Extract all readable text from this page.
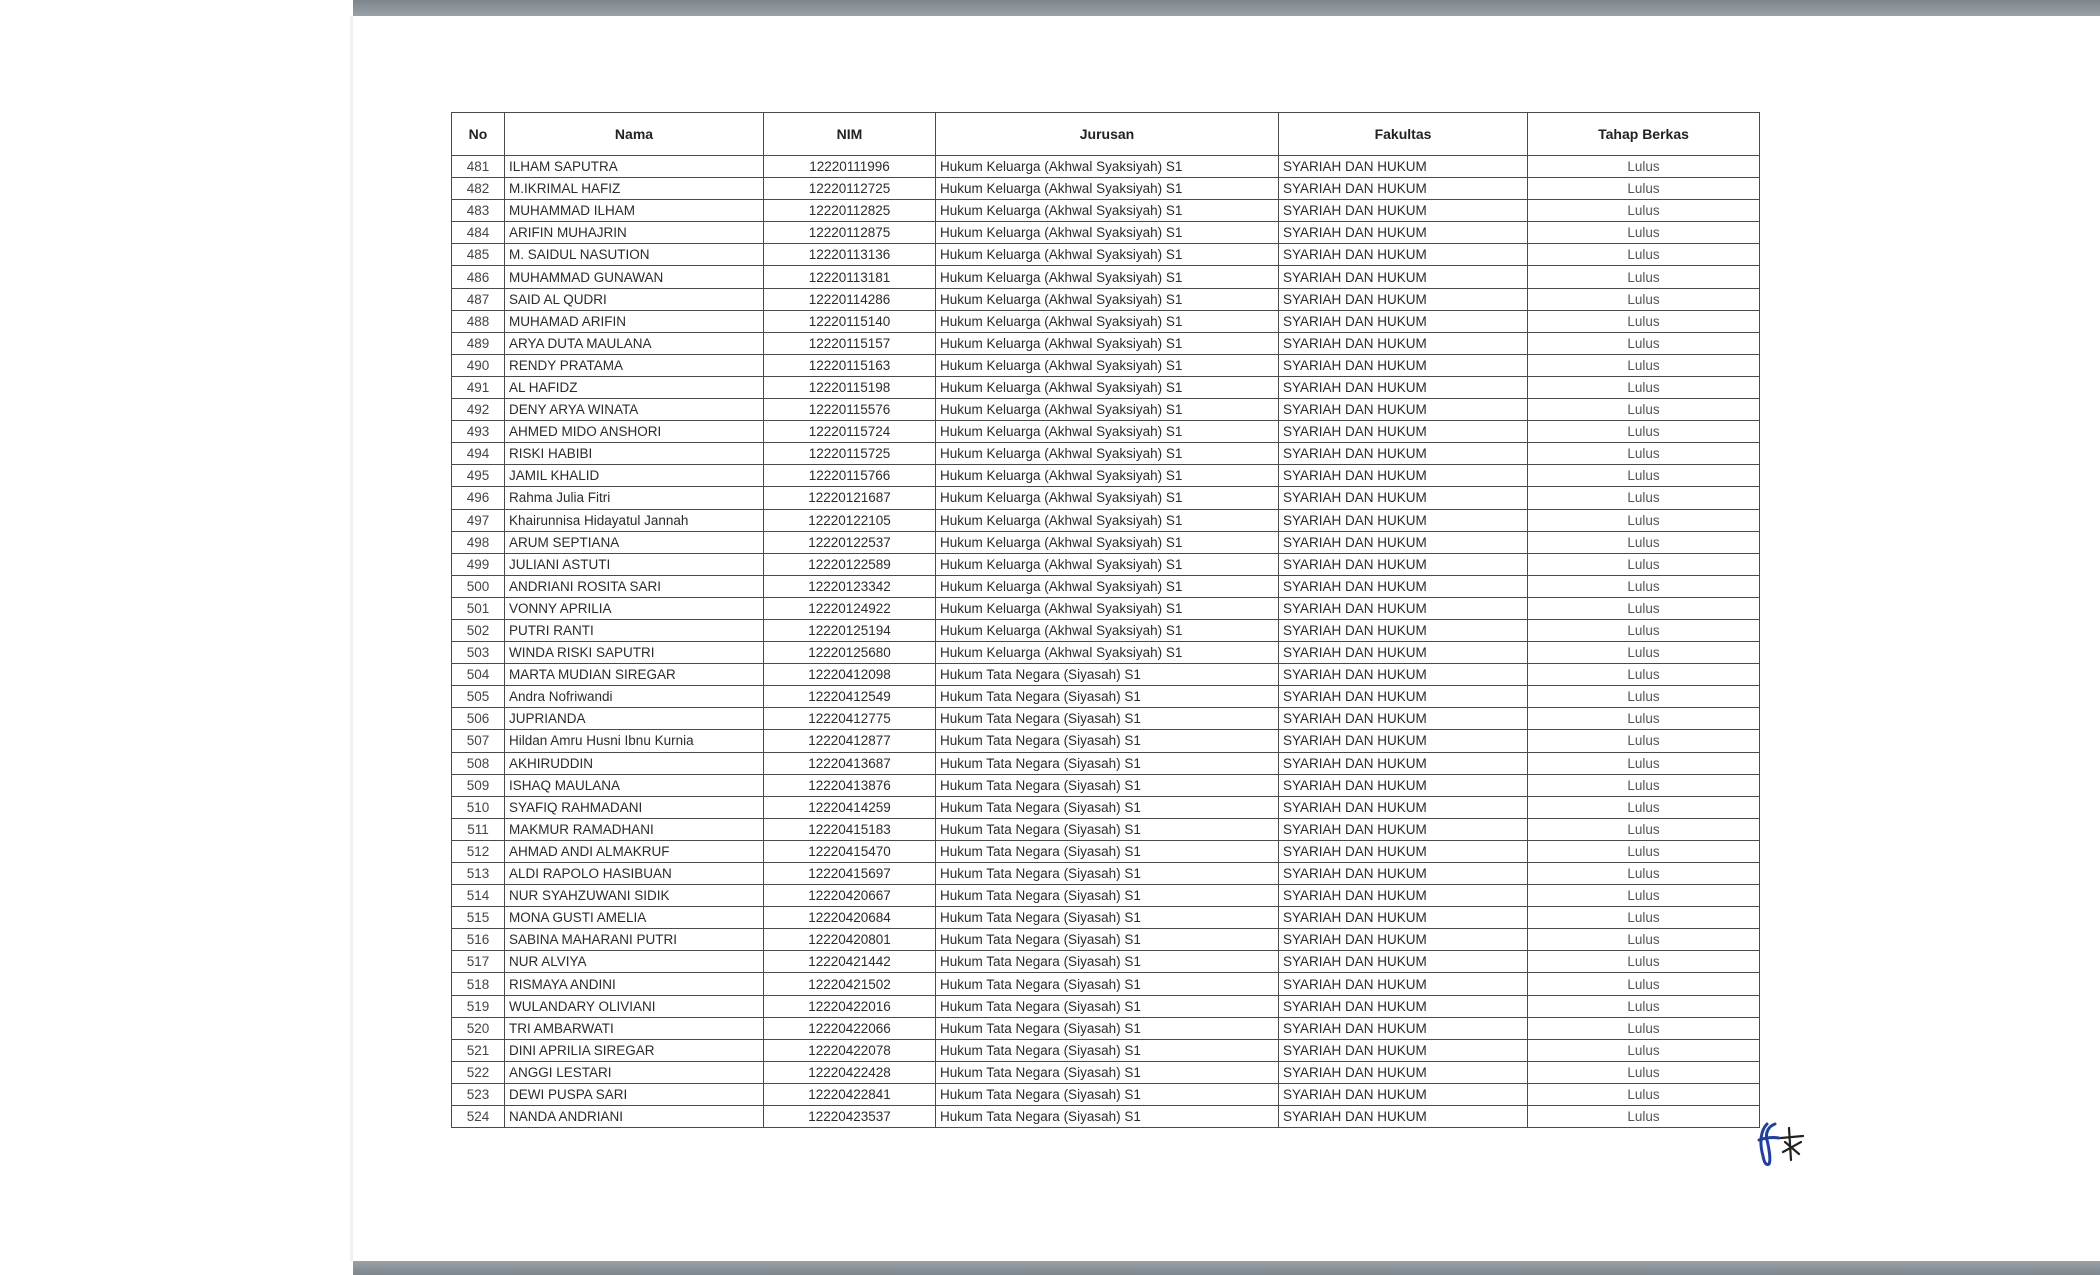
No	Nama	NIM	Jurusan	Fakultas	Tahap Berkas
481	ILHAM SAPUTRA	12220111996	Hukum Keluarga (Akhwal Syaksiyah) S1	SYARIAH DAN HUKUM	Lulus
482	M.IKRIMAL HAFIZ	12220112725	Hukum Keluarga (Akhwal Syaksiyah) S1	SYARIAH DAN HUKUM	Lulus
483	MUHAMMAD ILHAM	12220112825	Hukum Keluarga (Akhwal Syaksiyah) S1	SYARIAH DAN HUKUM	Lulus
484	ARIFIN MUHAJRIN	12220112875	Hukum Keluarga (Akhwal Syaksiyah) S1	SYARIAH DAN HUKUM	Lulus
485	M. SAIDUL NASUTION	12220113136	Hukum Keluarga (Akhwal Syaksiyah) S1	SYARIAH DAN HUKUM	Lulus
486	MUHAMMAD GUNAWAN	12220113181	Hukum Keluarga (Akhwal Syaksiyah) S1	SYARIAH DAN HUKUM	Lulus
487	SAID AL QUDRI	12220114286	Hukum Keluarga (Akhwal Syaksiyah) S1	SYARIAH DAN HUKUM	Lulus
488	MUHAMAD ARIFIN	12220115140	Hukum Keluarga (Akhwal Syaksiyah) S1	SYARIAH DAN HUKUM	Lulus
489	ARYA DUTA MAULANA	12220115157	Hukum Keluarga (Akhwal Syaksiyah) S1	SYARIAH DAN HUKUM	Lulus
490	RENDY PRATAMA	12220115163	Hukum Keluarga (Akhwal Syaksiyah) S1	SYARIAH DAN HUKUM	Lulus
491	AL HAFIDZ	12220115198	Hukum Keluarga (Akhwal Syaksiyah) S1	SYARIAH DAN HUKUM	Lulus
492	DENY ARYA WINATA	12220115576	Hukum Keluarga (Akhwal Syaksiyah) S1	SYARIAH DAN HUKUM	Lulus
493	AHMED MIDO ANSHORI	12220115724	Hukum Keluarga (Akhwal Syaksiyah) S1	SYARIAH DAN HUKUM	Lulus
494	RISKI HABIBI	12220115725	Hukum Keluarga (Akhwal Syaksiyah) S1	SYARIAH DAN HUKUM	Lulus
495	JAMIL KHALID	12220115766	Hukum Keluarga (Akhwal Syaksiyah) S1	SYARIAH DAN HUKUM	Lulus
496	Rahma Julia Fitri	12220121687	Hukum Keluarga (Akhwal Syaksiyah) S1	SYARIAH DAN HUKUM	Lulus
497	Khairunnisa Hidayatul Jannah	12220122105	Hukum Keluarga (Akhwal Syaksiyah) S1	SYARIAH DAN HUKUM	Lulus
498	ARUM SEPTIANA	12220122537	Hukum Keluarga (Akhwal Syaksiyah) S1	SYARIAH DAN HUKUM	Lulus
499	JULIANI ASTUTI	12220122589	Hukum Keluarga (Akhwal Syaksiyah) S1	SYARIAH DAN HUKUM	Lulus
500	ANDRIANI ROSITA SARI	12220123342	Hukum Keluarga (Akhwal Syaksiyah) S1	SYARIAH DAN HUKUM	Lulus
501	VONNY APRILIA	12220124922	Hukum Keluarga (Akhwal Syaksiyah) S1	SYARIAH DAN HUKUM	Lulus
502	PUTRI RANTI	12220125194	Hukum Keluarga (Akhwal Syaksiyah) S1	SYARIAH DAN HUKUM	Lulus
503	WINDA RISKI SAPUTRI	12220125680	Hukum Keluarga (Akhwal Syaksiyah) S1	SYARIAH DAN HUKUM	Lulus
504	MARTA MUDIAN SIREGAR	12220412098	Hukum Tata Negara (Siyasah) S1	SYARIAH DAN HUKUM	Lulus
505	Andra Nofriwandi	12220412549	Hukum Tata Negara (Siyasah) S1	SYARIAH DAN HUKUM	Lulus
506	JUPRIANDA	12220412775	Hukum Tata Negara (Siyasah) S1	SYARIAH DAN HUKUM	Lulus
507	Hildan Amru Husni Ibnu Kurnia	12220412877	Hukum Tata Negara (Siyasah) S1	SYARIAH DAN HUKUM	Lulus
508	AKHIRUDDIN	12220413687	Hukum Tata Negara (Siyasah) S1	SYARIAH DAN HUKUM	Lulus
509	ISHAQ MAULANA	12220413876	Hukum Tata Negara (Siyasah) S1	SYARIAH DAN HUKUM	Lulus
510	SYAFIQ RAHMADANI	12220414259	Hukum Tata Negara (Siyasah) S1	SYARIAH DAN HUKUM	Lulus
511	MAKMUR RAMADHANI	12220415183	Hukum Tata Negara (Siyasah) S1	SYARIAH DAN HUKUM	Lulus
512	AHMAD ANDI ALMAKRUF	12220415470	Hukum Tata Negara (Siyasah) S1	SYARIAH DAN HUKUM	Lulus
513	ALDI RAPOLO HASIBUAN	12220415697	Hukum Tata Negara (Siyasah) S1	SYARIAH DAN HUKUM	Lulus
514	NUR SYAHZUWANI SIDIK	12220420667	Hukum Tata Negara (Siyasah) S1	SYARIAH DAN HUKUM	Lulus
515	MONA GUSTI AMELIA	12220420684	Hukum Tata Negara (Siyasah) S1	SYARIAH DAN HUKUM	Lulus
516	SABINA MAHARANI PUTRI	12220420801	Hukum Tata Negara (Siyasah) S1	SYARIAH DAN HUKUM	Lulus
517	NUR ALVIYA	12220421442	Hukum Tata Negara (Siyasah) S1	SYARIAH DAN HUKUM	Lulus
518	RISMAYA ANDINI	12220421502	Hukum Tata Negara (Siyasah) S1	SYARIAH DAN HUKUM	Lulus
519	WULANDARY OLIVIANI	12220422016	Hukum Tata Negara (Siyasah) S1	SYARIAH DAN HUKUM	Lulus
520	TRI AMBARWATI	12220422066	Hukum Tata Negara (Siyasah) S1	SYARIAH DAN HUKUM	Lulus
521	DINI APRILIA SIREGAR	12220422078	Hukum Tata Negara (Siyasah) S1	SYARIAH DAN HUKUM	Lulus
522	ANGGI LESTARI	12220422428	Hukum Tata Negara (Siyasah) S1	SYARIAH DAN HUKUM	Lulus
523	DEWI PUSPA SARI	12220422841	Hukum Tata Negara (Siyasah) S1	SYARIAH DAN HUKUM	Lulus
524	NANDA ANDRIANI	12220423537	Hukum Tata Negara (Siyasah) S1	SYARIAH DAN HUKUM	Lulus
